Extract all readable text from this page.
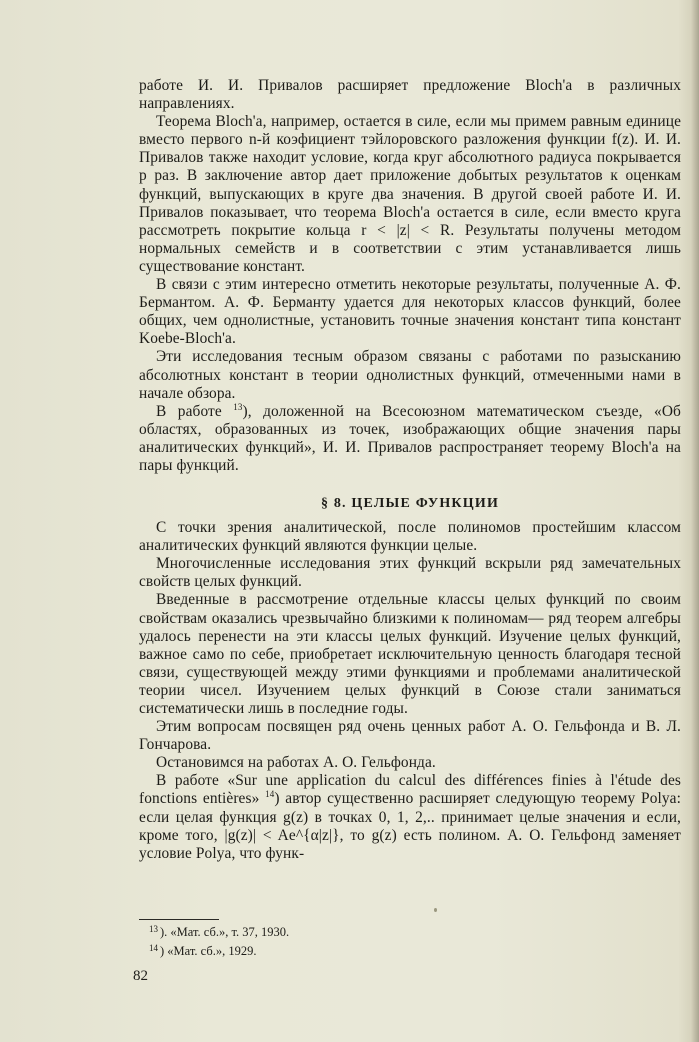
работе И. И. Привалов расширяет предложение Bloch'a в различных направлениях.

Теорема Bloch'a, например, остается в силе, если мы примем равным единице вместо первого n-й коэфициент тэйлоровского разложения функции f(z). И. И. Привалов также находит условие, когда круг абсолютного радиуса покрывается p раз. В заключение автор дает приложение добытых результатов к оценкам функций, выпускающих в круге два значения. В другой своей работе И. И. Привалов показывает, что теорема Bloch'a остается в силе, если вместо круга рассмотреть покрытие кольца r < |z| < R. Результаты получены методом нормальных семейств и в соответствии с этим устанавливается лишь существование констант.

В связи с этим интересно отметить некоторые результаты, полученные А. Ф. Бермантом. А. Ф. Берманту удается для некоторых классов функций, более общих, чем однолистные, установить точные значения констант типа констант Koebe-Bloch'a.

Эти исследования тесным образом связаны с работами по разысканию абсолютных констант в теории однолистных функций, отмеченными нами в начале обзора.

В работе $^{13}$), доложенной на Всесоюзном математическом съезде, «Об областях, образованных из точек, изображающих общие значения пары аналитических функций», И. И. Привалов распространяет теорему Bloch'a на пары функций.

§ 8. ЦЕЛЫЕ ФУНКЦИИ

С точки зрения аналитической, после полиномов простейшим классом аналитических функций являются функции целые.

Многочисленные исследования этих функций вскрыли ряд замечательных свойств целых функций.

Введенные в рассмотрение отдельные классы целых функций по своим свойствам оказались чрезвычайно близкими к полиномам— ряд теорем алгебры удалось перенести на эти классы целых функций. Изучение целых функций, важное само по себе, приобретает исключительную ценность благодаря тесной связи, существующей между этими функциями и проблемами аналитической теории чисел. Изучением целых функций в Союзе стали заниматься систематически лишь в последние годы.

Этим вопросам посвящен ряд очень ценных работ А. О. Гельфонда и В. Л. Гончарова.

Остановимся на работах А. О. Гельфонда.

В работе «Sur une application du calcul des différences finies à l'étude des fonctions entières» $^{14}$) автор существенно расширяет следующую теорему Polya: если целая функция g(z) в точках 0, 1, 2,.. принимает целые значения и если, кроме того, |g(z)| < Ae^{α|z|}, то g(z) есть полином. А. О. Гельфонд заменяет условие Polya, что функ-

$^{13}$ ). «Мат. сб.», т. 37, 1930.
$^{14}$ ) «Мат. сб.», 1929.
82
